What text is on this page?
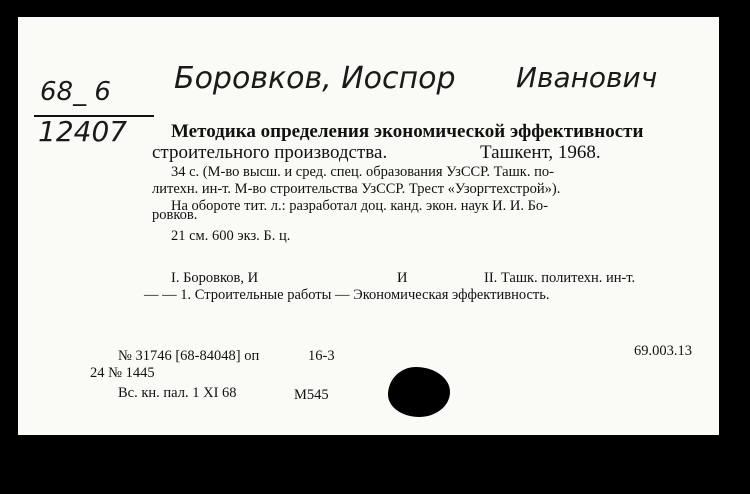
68_ 6
12407
Боровков, Иоспор Иванович
Методика определения экономической эффективности
строительного производства.	Ташкент, 1968.
34 с. (М-во высш. и сред. спец. образования УзССР. Ташк. по-
литехн. ин-т. М-во строительства УзССР. Трест «Узоргтехстрой»).
На обороте тит. л.: разработал доц. канд. экон. наук И. И. Бо-
ровков.
21 см. 600 экз. Б. ц.
I. Боровков, И	И	II. Ташк. политехн. ин-т.
— — 1. Строительные работы — Экономическая эффективность.
№ 31746 [68-84048] оп	16-3	69.003.13
24 № 1445
Вс. кн. пал. 1 XI 68	М545
